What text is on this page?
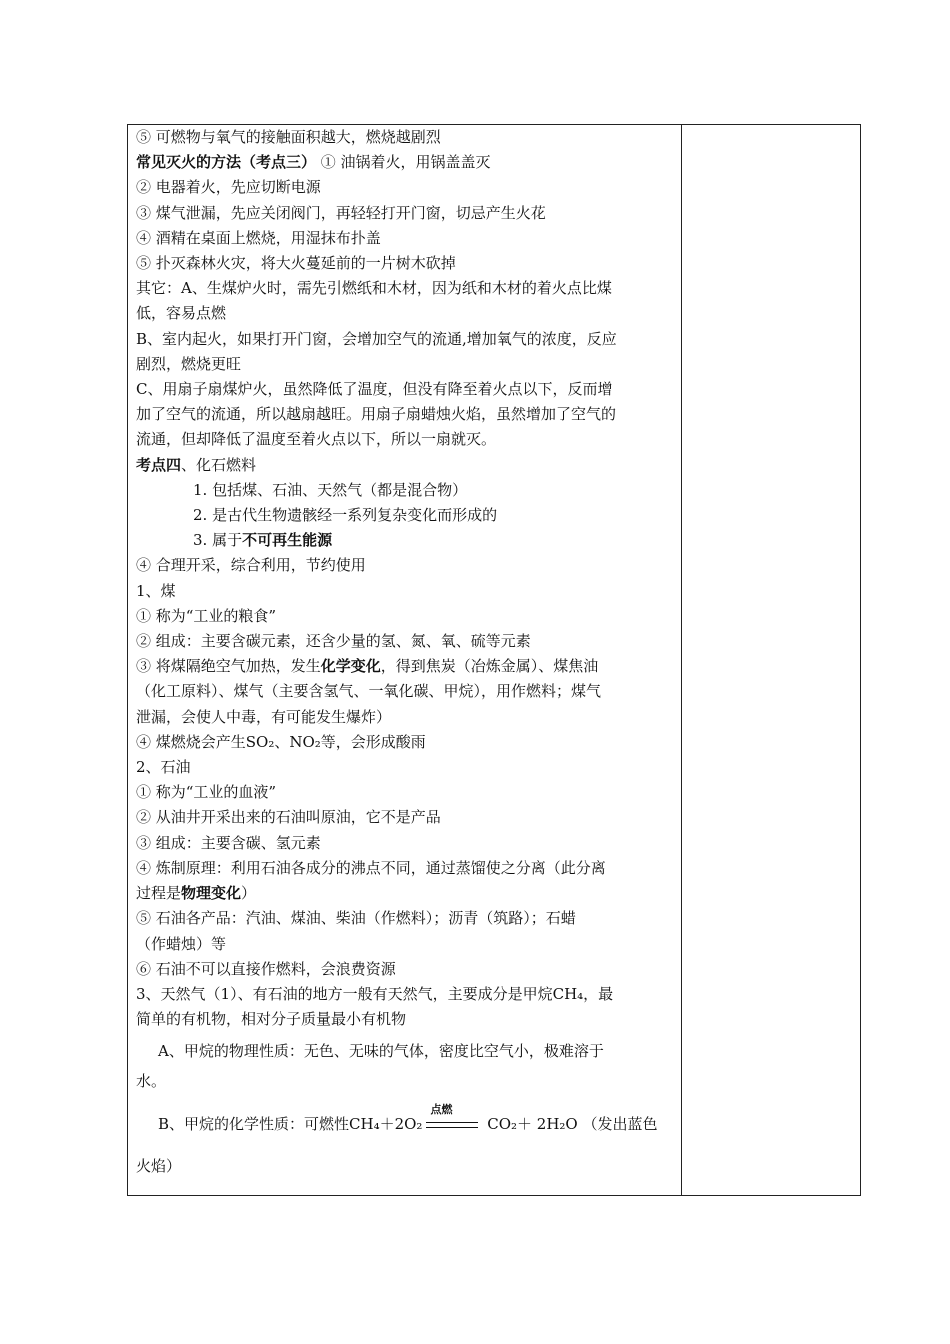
⑤ 可燃物与氧气的接触面积越大，燃烧越剧烈
常见灭火的方法（考点三） ① 油锅着火，用锅盖盖灭
② 电器着火，先应切断电源
③ 煤气泄漏，先应关闭阀门，再轻轻打开门窗，切忌产生火花
④ 酒精在桌面上燃烧，用湿抹布扑盖
⑤ 扑灭森林火灾，将大火蔓延前的一片树木砍掉
其它：A、生煤炉火时，需先引燃纸和木材，因为纸和木材的着火点比煤
低，容易点燃
B、室内起火，如果打开门窗，会增加空气的流通,增加氧气的浓度，反应
剧烈，燃烧更旺
C、用扇子扇煤炉火，虽然降低了温度，但没有降至着火点以下，反而增
加了空气的流通，所以越扇越旺。用扇子扇蜡烛火焰，虽然增加了空气的
流通，但却降低了温度至着火点以下，所以一扇就灭。
考点四、化石燃料
1. 包括煤、石油、天然气（都是混合物）
2. 是古代生物遗骸经一系列复杂变化而形成的
3. 属于不可再生能源
④ 合理开采，综合利用，节约使用
1、煤
① 称为“工业的粮食”
② 组成：主要含碳元素，还含少量的氢、氮、氧、硫等元素
③ 将煤隔绝空气加热，发生化学变化，得到焦炭（冶炼金属）、煤焦油
（化工原料）、煤气（主要含氢气、一氧化碳、甲烷），用作燃料；煤气
泄漏，会使人中毒，有可能发生爆炸）
④ 煤燃烧会产生SO₂、NO₂等，会形成酸雨
2、石油
① 称为“工业的血液”
② 从油井开采出来的石油叫原油，它不是产品
③ 组成：主要含碳、氢元素
④ 炼制原理：利用石油各成分的沸点不同，通过蒸馏使之分离（此分离
过程是物理变化）
⑤ 石油各产品：汽油、煤油、柴油（作燃料）；沥青（筑路）；石蜡
（作蜡烛）等
⑥ 石油不可以直接作燃料，会浪费资源
3、天然气（1）、有石油的地方一般有天然气，主要成分是甲烷CH₄，最
简单的有机物，相对分子质量最小有机物
A、甲烷的物理性质：无色、无味的气体，密度比空气小，极难溶于
水。
B、甲烷的化学性质：可燃性CH₄＋2O₂
点燃
CO₂＋ 2H₂O （发出蓝色
火焰）
